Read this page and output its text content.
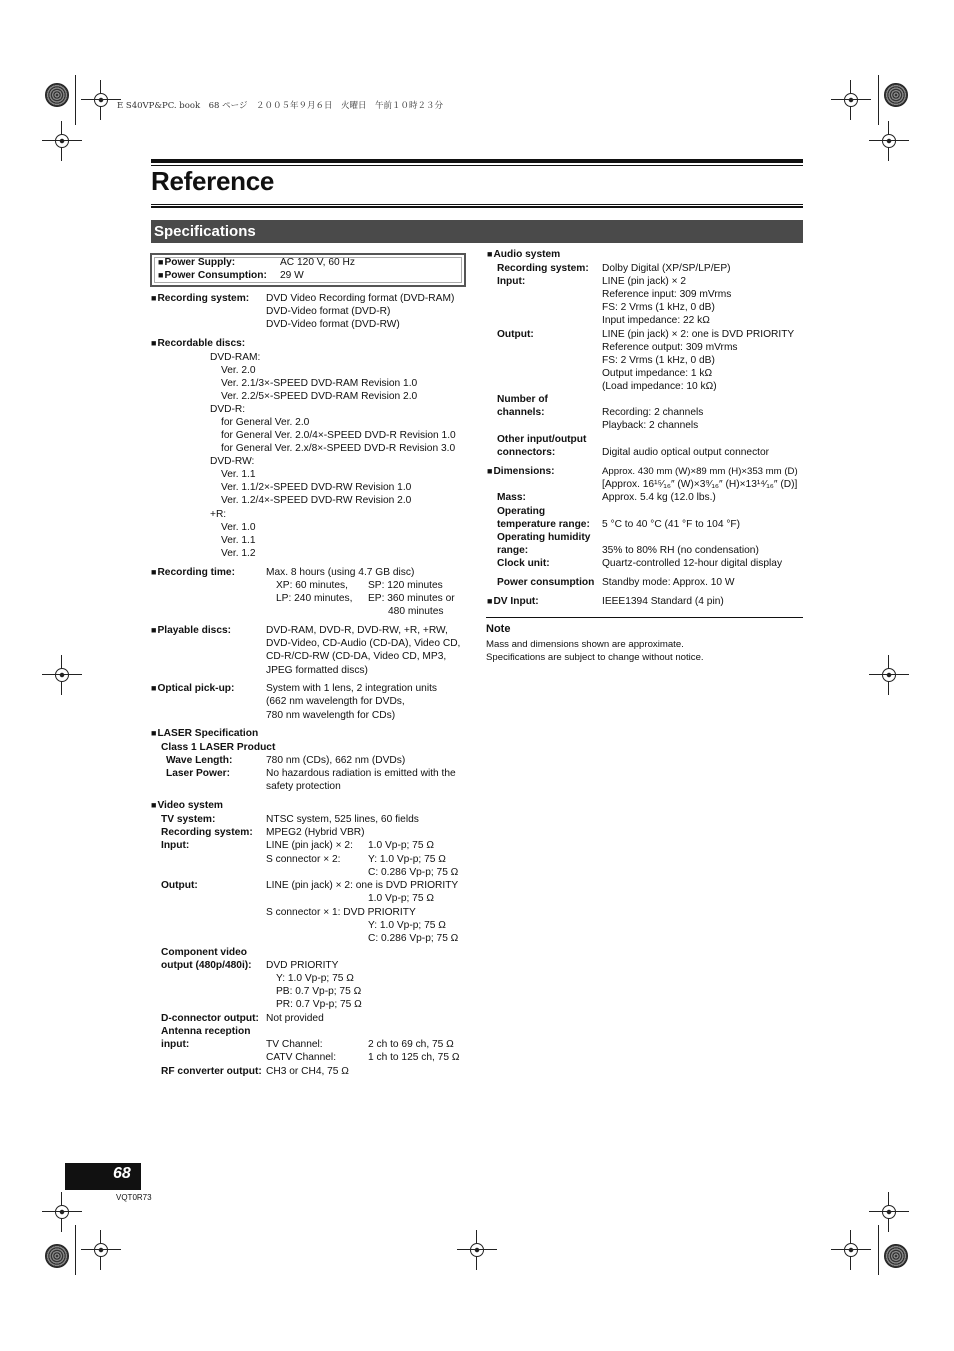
E S40VP&PC. book　68 ページ　２００５年９月６日　火曜日　午前１０時２３分
Reference
Specifications
■ Power Supply:	AC 120 V, 60 Hz
■ Power Consumption: 29 W
■ Recording system: DVD Video Recording format (DVD-RAM)
DVD-Video format (DVD-R)
DVD-Video format (DVD-RW)
■ Recordable discs:
DVD-RAM:
Ver. 2.0
Ver. 2.1/3×-SPEED DVD-RAM Revision 1.0
Ver. 2.2/5×-SPEED DVD-RAM Revision 2.0
DVD-R:
for General Ver. 2.0
for General Ver. 2.0/4×-SPEED DVD-R Revision 1.0
for General Ver. 2.x/8×-SPEED DVD-R Revision 3.0
DVD-RW:
Ver. 1.1
Ver. 1.1/2×-SPEED DVD-RW Revision 1.0
Ver. 1.2/4×-SPEED DVD-RW Revision 2.0
+R:
Ver. 1.0
Ver. 1.1
Ver. 1.2
■ Recording time:	Max. 8 hours (using 4.7 GB disc)
XP: 60 minutes, SP: 120 minutes
LP: 240 minutes, EP: 360 minutes or
480 minutes
■ Playable discs:	DVD-RAM, DVD-R, DVD-RW, +R, +RW,
DVD-Video, CD-Audio (CD-DA), Video CD,
CD-R/CD-RW (CD-DA, Video CD, MP3,
JPEG formatted discs)
■ Optical pick-up:	System with 1 lens, 2 integration units
(662 nm wavelength for DVDs,
780 nm wavelength for CDs)
■ LASER Specification
Class 1 LASER Product
Wave Length:	780 nm (CDs), 662 nm (DVDs)
Laser Power:	No hazardous radiation is emitted with the
safety protection
■ Video system
TV system:	NTSC system, 525 lines, 60 fields
Recording system: MPEG2 (Hybrid VBR)
Input:	LINE (pin jack) × 2: 1.0 Vp-p; 75 Ω
S connector × 2:	Y: 1.0 Vp-p; 75 Ω
C: 0.286 Vp-p; 75 Ω
Output:	LINE (pin jack) × 2: one is DVD PRIORITY
1.0 Vp-p; 75 Ω
S connector × 1: DVD PRIORITY
Y: 1.0 Vp-p; 75 Ω
C: 0.286 Vp-p; 75 Ω
Component video
output (480p/480i): DVD PRIORITY
Y: 1.0 Vp-p; 75 Ω
PB: 0.7 Vp-p; 75 Ω
PR: 0.7 Vp-p; 75 Ω
D-connector output: Not provided
Antenna reception
input:	TV Channel:	2 ch to 69 ch, 75 Ω
CATV Channel:	1 ch to 125 ch, 75 Ω
RF converter output: CH3 or CH4, 75 Ω
■ Audio system
Recording system: Dolby Digital (XP/SP/LP/EP)
Input:	LINE (pin jack) × 2
Reference input: 309 mVrms
FS: 2 Vrms (1 kHz, 0 dB)
Input impedance: 22 kΩ
Output:	LINE (pin jack) × 2: one is DVD PRIORITY
Reference output: 309 mVrms
FS: 2 Vrms (1 kHz, 0 dB)
Output impedance: 1 kΩ
(Load impedance: 10 kΩ)
Number of
channels:	Recording: 2 channels
Playback: 2 channels
Other input/output
connectors:	Digital audio optical output connector
■ Dimensions:	Approx. 430 mm (W)×89 mm (H)×353 mm (D)
[Approx. 16¹⁵⁄₁₆″ (W)×3⁹⁄₁₆″ (H)×13¹⁴⁄₁₆″ (D)]
Mass:	Approx. 5.4 kg (12.0 lbs.)
Operating
temperature range: 5 °C to 40 °C (41 °F to 104 °F)
Operating humidity
range:	35% to 80% RH (no condensation)
Clock unit:	Quartz-controlled 12-hour digital display
Power consumption Standby mode: Approx. 10 W
■ DV Input:	IEEE1394 Standard (4 pin)
Note
Mass and dimensions shown are approximate.
Specifications are subject to change without notice.
68
VQT0R73
